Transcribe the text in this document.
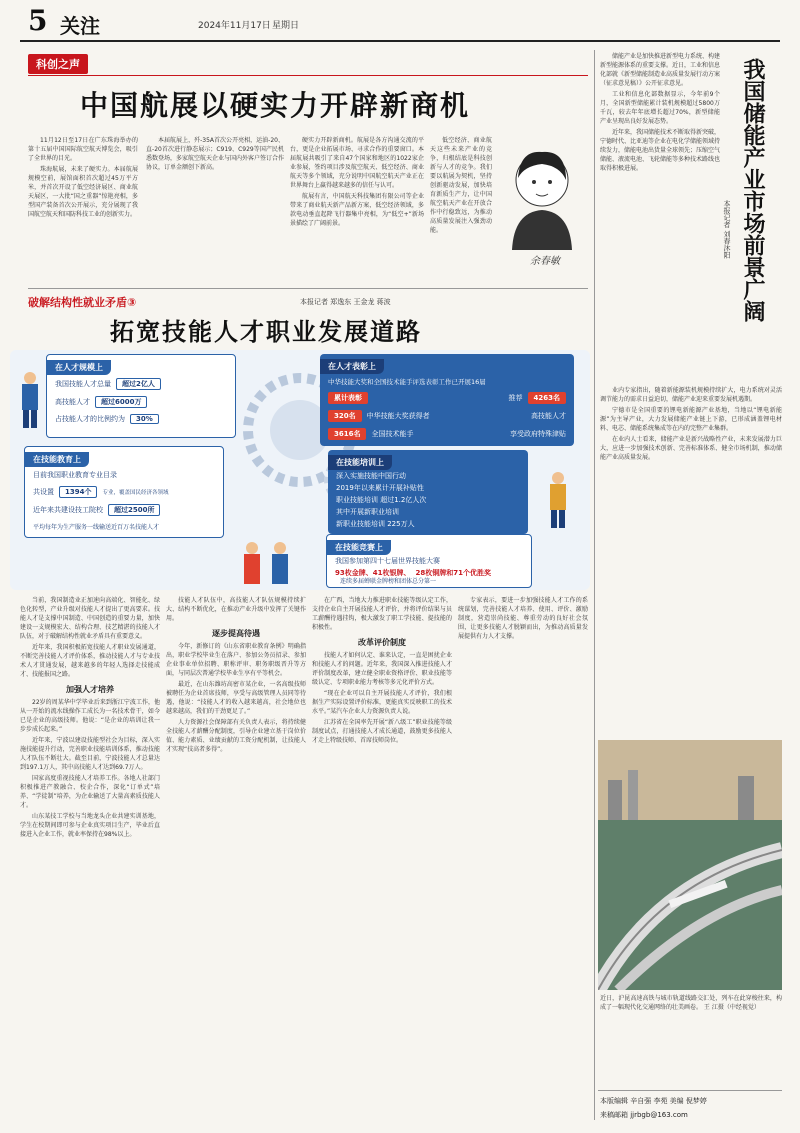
5 关注	2024年11月17日 星期日
科创之声
中国航展以硬实力开辟新商机

11月12日至17日在广东珠海举办的第十五届中国国际航空航天博览会，吸引了全世界的目光。

珠海航展，未来了硬实力。本届航展规模空前，展馆面积首次超过45万平方米，并首次开设了低空经济展区、商业航天展区，一大批“国之重器”惊艳亮相，多型国产装备首次公开展示，充分展现了我国航空航天和国防科技工业的创新实力。

本届航展上，歼-35A首次公开亮相，运油-20、直-20首次进行静态展示；C919、C929等国产民机悉数登场，多家航空航天企业与国内外客户签订合作协议，订单金额创下新高。

硬实力开辟新商机。航展是各方沟通交流的平台，更是企业拓展市场、寻求合作的重要窗口。本届航展共吸引了来自47个国家和地区的1022家企业参展，签约项目涉及航空航天、低空经济、商业航天等多个领域，充分说明中国航空航天产业正在世界舞台上赢得越来越多的信任与认可。

航展有言，中国航天科技集团有限公司等企业带来了商业航天新产品新方案，低空经济领域，多款电动垂直起降飞行器集中亮相，为“低空+”新场景描绘了广阔前景。

低空经济、商业航天这些未来产业的竞争，归根结底是科技创新与人才的竞争。我们要以航展为契机，坚持创新驱动发展，加快培育新质生产力，让中国航空航天产业在开放合作中行稳致远，为推动高质量发展注入强劲动能。

余春敏
破解结构性就业矛盾③	本报记者 郑逸东 王金龙 蒋波
拓宽技能人才职业发展道路
在人才规模上
我国技能人才总量	超过2亿人
高技能人才	超过6000万
占技能人才的比例约为	30%
在人才表彰上
中华技能大奖和全国技术能手评选表彰工作已开展16届
累计表彰	推荐	4263名
320名	中华技能大奖获得者	高技能人才
3616名	全国技术能手	享受政府特殊津贴
在技能教育上
目前我国职业教育专业目录
共设置	1394个	专业，覆盖国民经济各领域
近年来共建设技工院校	超过2500所
平均每年为生产服务一线输送近百万名技能人才
在技能培训上
深入实施技能中国行动
2019年以来累计开展补贴性
职业技能培训 超过1.2亿人次
其中开展新职业培训
新职业技能培训 225万人
在技能竞赛上
我国参加第四十七届世界技能大赛
93枚金牌、41枚银牌、 28枚铜牌和71个优胜奖
连续多届蝉联金牌榜和团体总分第一

当前，我国制造业正加速向高端化、智能化、绿色化转型，产业升级对技能人才提出了更高要求。技能人才是支撑中国制造、中国创造的重要力量，加快建设一支规模宏大、结构合理、技艺精湛的技能人才队伍，对于破解结构性就业矛盾具有重要意义。

近年来，我国积极拓宽技能人才职业发展通道，不断完善技能人才评价体系，推动技能人才与专业技术人才贯通发展，越来越多的年轻人选择走技能成才、技能报国之路。

加强人才培养

22岁的周某华中学毕业后来到浙江宁波工作，他从一开始的流水线操作工成长为一名技术骨干，如今已是企业的高级技师。他说：“是企业的培训让我一步步成长起来。”

近年来，宁波以建设技能型社会为目标，深入实施技能提升行动，完善职业技能培训体系，推动技能人才队伍不断壮大。截至目前，宁波技能人才总量达到197.1万人，其中高技能人才达到69.7万人。

国家高度重视技能人才培养工作。各地人社部门积极推进产教融合、校企合作，深化“订单式”培养、“学徒制”培养，为企业输送了大量高素质技能人才。

山东某技工学校与当地龙头企业共建实训基地，学生在校期间即可参与企业真实项目生产，毕业后直接进入企业工作，就业率保持在98%以上。

技能人才队伍中，高技能人才队伍规模持续扩大、结构不断优化，在推动产业升级中发挥了关键作用。

逐步提高待遇

今年，新修订的《山东省职业教育条例》明确指出，职业学校毕业生在落户、参加公务员招录、参加企业事业单位招聘、职称评审、职务职级晋升等方面，与同层次普通学校毕业生享有平等机会。

最近，在山东潍坊高密市某企业，一名高级技师被聘任为企业首席技师，享受与高级管理人员同等待遇，他说：“技能人才的收入越来越高，社会地位也越来越高，我们的干劲更足了。”

人力资源社会保障部有关负责人表示，将持续健全技能人才薪酬分配制度，引导企业建立基于岗位价值、能力素质、业绩贡献的工资分配机制，让技能人才实现“技高者多得”。

在广西，当地大力推进职业技能等级认定工作，支持企业自主开展技能人才评价，并将评价结果与员工薪酬待遇挂钩，极大激发了职工学技能、提技能的积极性。

改革评价制度

技能人才如何认定、谁来认定，一直是困扰企业和技能人才的问题。近年来，我国深入推进技能人才评价制度改革，建立健全职业资格评价、职业技能等级认定、专项职业能力考核等多元化评价方式。

“现在企业可以自主开展技能人才评价，我们根据生产实际设置评价标准，更能真实反映职工的技术水平。”某汽车企业人力资源负责人说。

江苏省在全国率先开展“新八级工”职业技能等级制度试点，打通技能人才成长通道，鼓励更多技能人才走上特级技师、首席技师岗位。

专家表示，要进一步加强技能人才工作的系统谋划，完善技能人才培养、使用、评价、激励制度，营造崇尚技能、尊重劳动的良好社会氛围，让更多技能人才脱颖而出，为推动高质量发展提供有力人才支撑。

储能产业是加快推进新型电力系统、构建新型能源体系的重要支撑。近日，工业和信息化部就《新型储能制造业高质量发展行动方案（征求意见稿）》公开征求意见。

工业和信息化部数据显示，今年前9个月，全国新型储能累计装机规模超过5800万千瓦，较去年年底增长超过70%，新型储能产业呈现出良好发展态势。

近年来，我国储能技术不断取得新突破，宁德时代、比亚迪等企业在电化学储能领域持续发力，储能电池出货量全球领先；压缩空气储能、液流电池、飞轮储能等多种技术路线也取得积极进展。	我国储能产业市场前景广阔
本报记者 刘春沐阳

业内专家指出，随着新能源装机规模持续扩大，电力系统对灵活调节能力的需求日益迫切，储能产业迎来重要发展机遇期。

宁德市是全国重要的锂电新能源产业基地，当地以“锂电新能源”为主导产业，大力发展储能产业链上下游，已形成涵盖锂电材料、电芯、储能系统集成等在内的完整产业集群。

在业内人士看来，储能产业是新兴战略性产业，未来发展潜力巨大，应进一步加强技术创新、完善标准体系、健全市场机制，推动储能产业高质量发展。

近日，沪昆高速高铁与城市轨道线路交汇处，列车在此穿梭往来，构成了一幅现代化交通网络的壮美画卷。 王 江摄（中经视觉）
本版编辑 辛自强 李苑 美编 倪梦婷
来稿邮箱 jjrbgb@163.com
